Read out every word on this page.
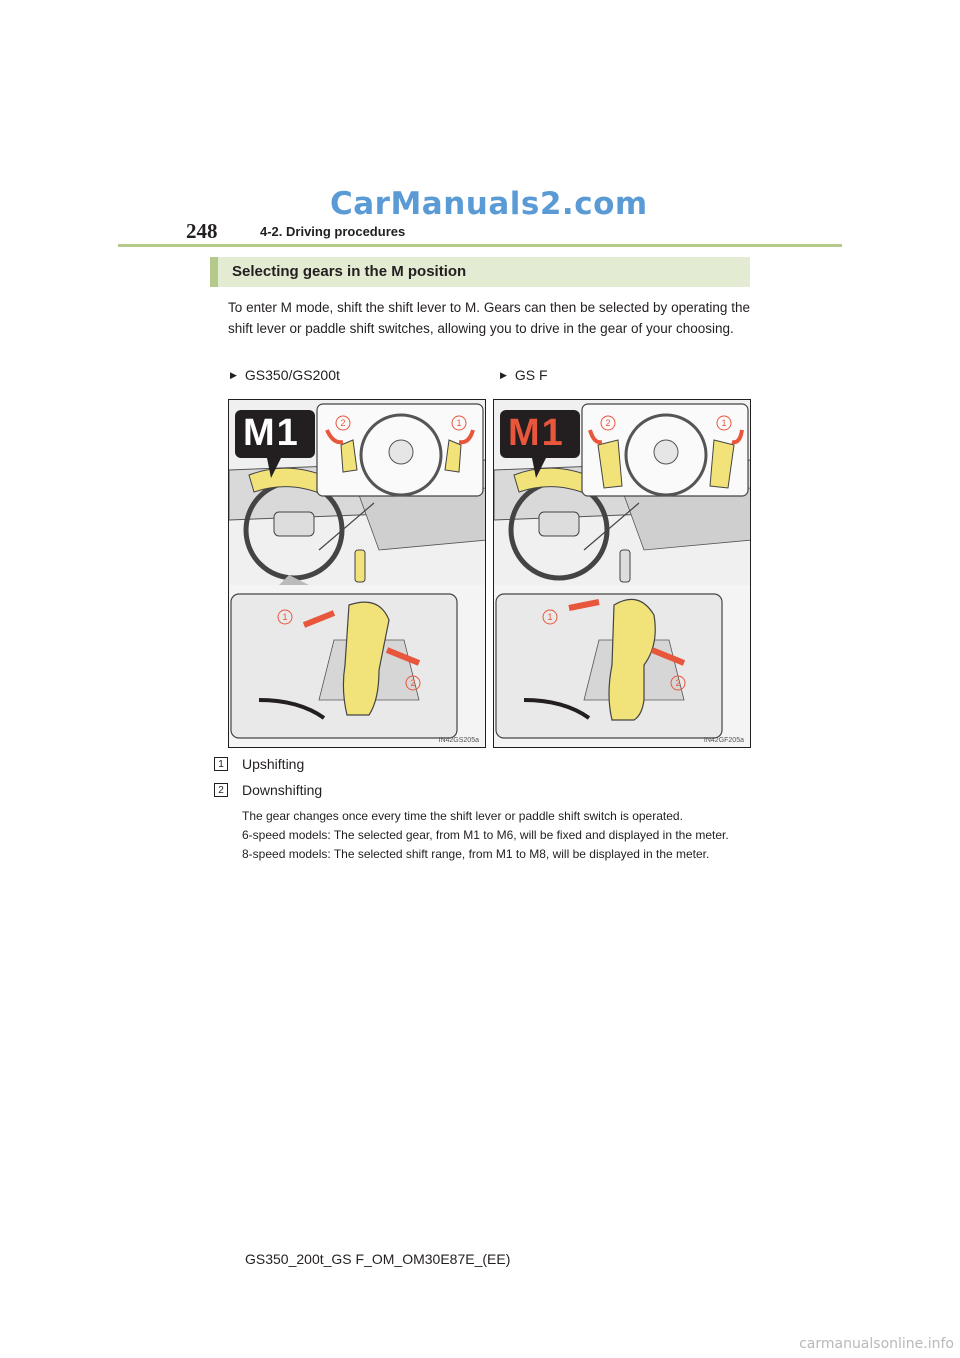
CarManuals2.com
248	4-2. Driving procedures
Selecting gears in the M position

To enter M mode, shift the shift lever to M. Gears can then be selected by operating the shift lever or paddle shift switches, allowing you to drive in the gear of your choosing.

▶ GS350/GS200t	▶ GS F
2	1
1
2
M1
IN42GS205a
2	1
1
2
M1
IN42GF205a
1	Upshifting
2	Downshifting

The gear changes once every time the shift lever or paddle shift switch is operated.

6-speed models: The selected gear, from M1 to M6, will be fixed and displayed in the meter.

8-speed models: The selected shift range, from M1 to M8, will be displayed in the meter.

GS350_200t_GS F_OM_OM30E87E_(EE)
carmanualsonline.info
